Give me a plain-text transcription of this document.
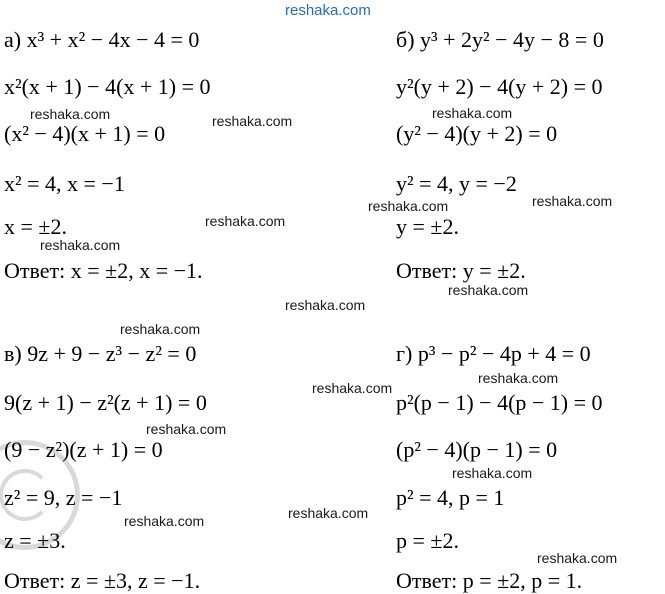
а) x³ + x² − 4x − 4 = 0
x²(x + 1) − 4(x + 1) = 0
(x² − 4)(x + 1) = 0
x² = 4, x = −1
x = ±2.
Ответ: x = ±2, x = −1.
б) y³ + 2y² − 4y − 8 = 0
y²(y + 2) − 4(y + 2) = 0
(y² − 4)(y + 2) = 0
y² = 4, y = −2
y = ±2.
Ответ: y = ±2.
в) 9z + 9 − z³ − z² = 0
9(z + 1) − z²(z + 1) = 0
(9 − z²)(z + 1) = 0
z² = 9, z = −1
z = ±3.
Ответ: z = ±3, z = −1.
г) p³ − p² − 4p + 4 = 0
p²(p − 1) − 4(p − 1) = 0
(p² − 4)(p − 1) = 0
p² = 4, p = 1
p = ±2.
Ответ: p = ±2, p = 1.
reshaka.com
reshaka.com	reshaka.com	reshaka.com
reshaka.com	reshaka.com
reshaka.com
reshaka.com
reshaka.com
reshaka.com
reshaka.com
reshaka.com
reshaka.com
reshaka.com
reshaka.com
reshaka.com
reshaka.com
reshaka.com
